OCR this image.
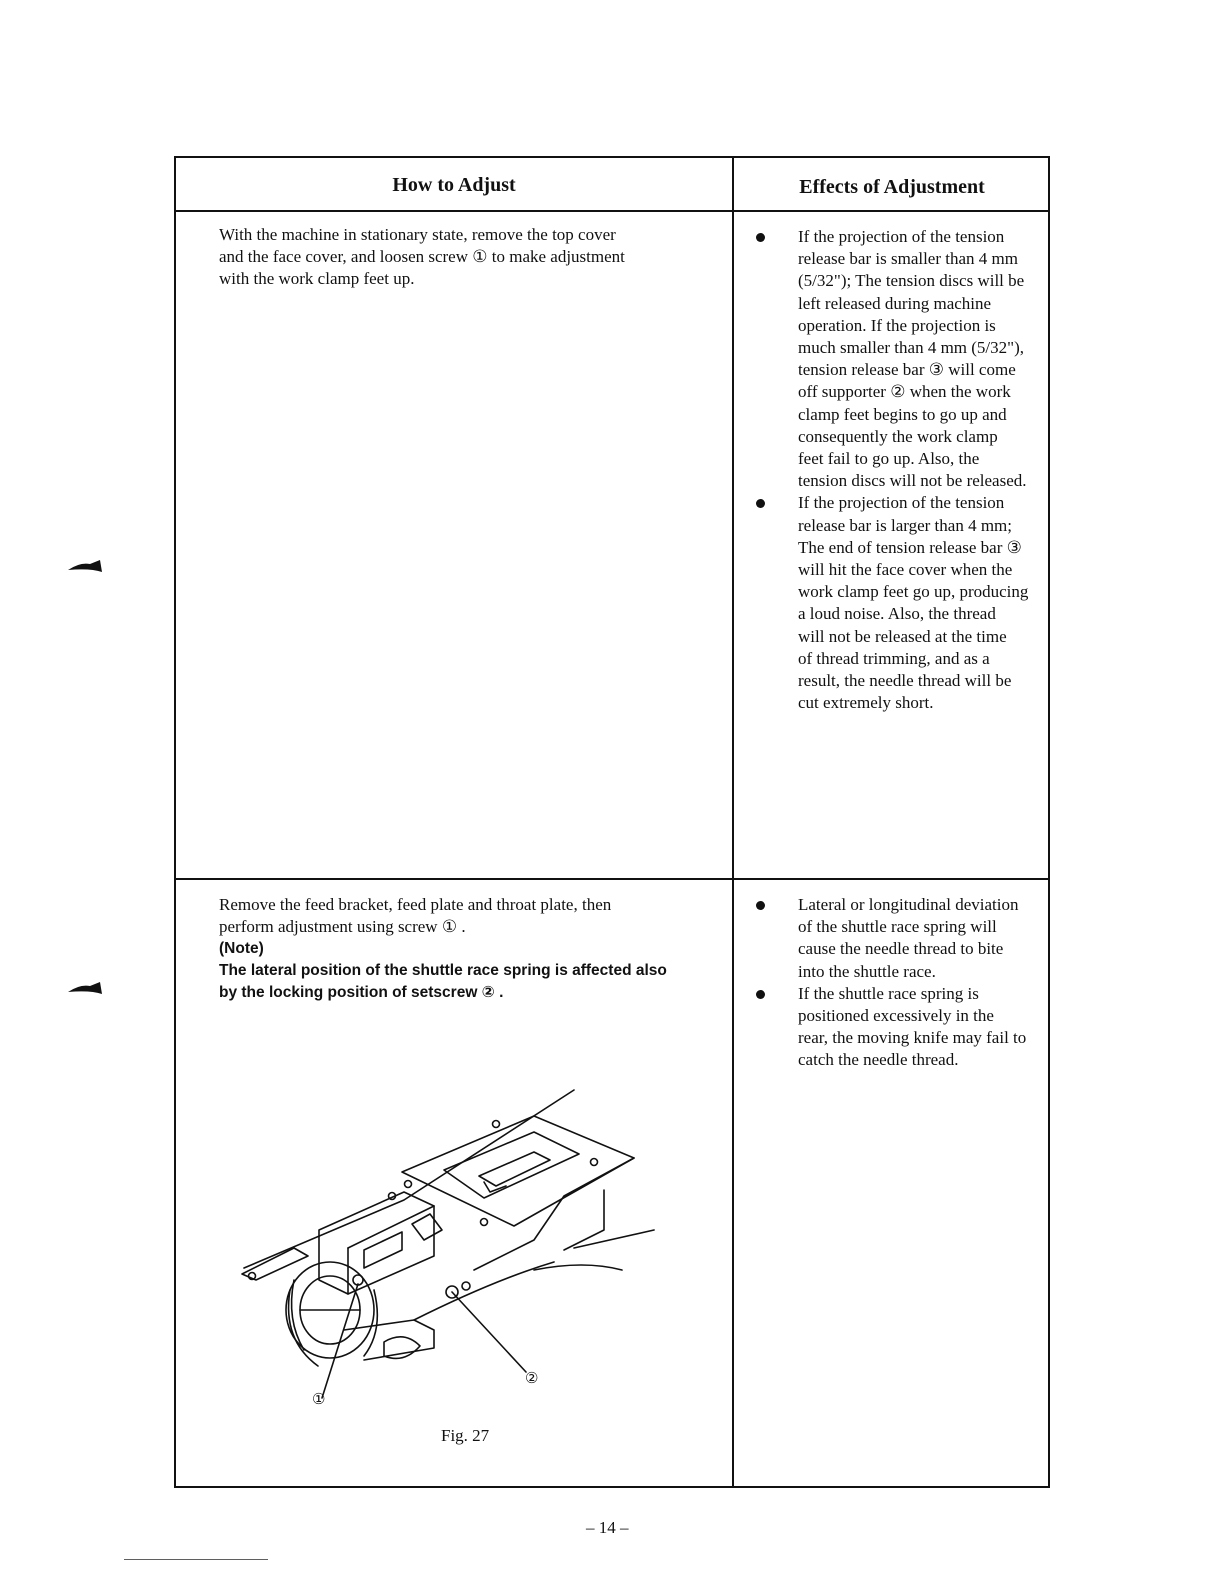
How to Adjust	Effects of Adjustment
With the machine in stationary state, remove the top cover
and the face cover, and loosen screw ① to make adjustment
with the work clamp feet up.
If the projection of the tension
release bar is smaller than 4 mm
(5/32"); The tension discs will be
left released during machine
operation. If the projection is
much smaller than 4 mm (5/32"),
tension release bar ③ will come
off supporter ② when the work
clamp feet begins to go up and
consequently the work clamp
feet fail to go up. Also, the
tension discs will not be released.
If the projection of the tension
release bar is larger than 4 mm;
The end of tension release bar ③
will hit the face cover when the
work clamp feet go up, producing
a loud noise. Also, the thread
will not be released at the time
of thread trimming, and as a
result, the needle thread will be
cut extremely short.
Remove the feed bracket, feed plate and throat plate, then
perform adjustment using screw ① .
(Note)
The lateral position of the shuttle race spring is affected also
by the locking position of setscrew ② .
Lateral or longitudinal deviation
of the shuttle race spring will
cause the needle thread to bite
into the shuttle race.
If the shuttle race spring is
positioned excessively in the
rear, the moving knife may fail to
catch the needle thread.
①
②
Fig. 27
– 14 –
